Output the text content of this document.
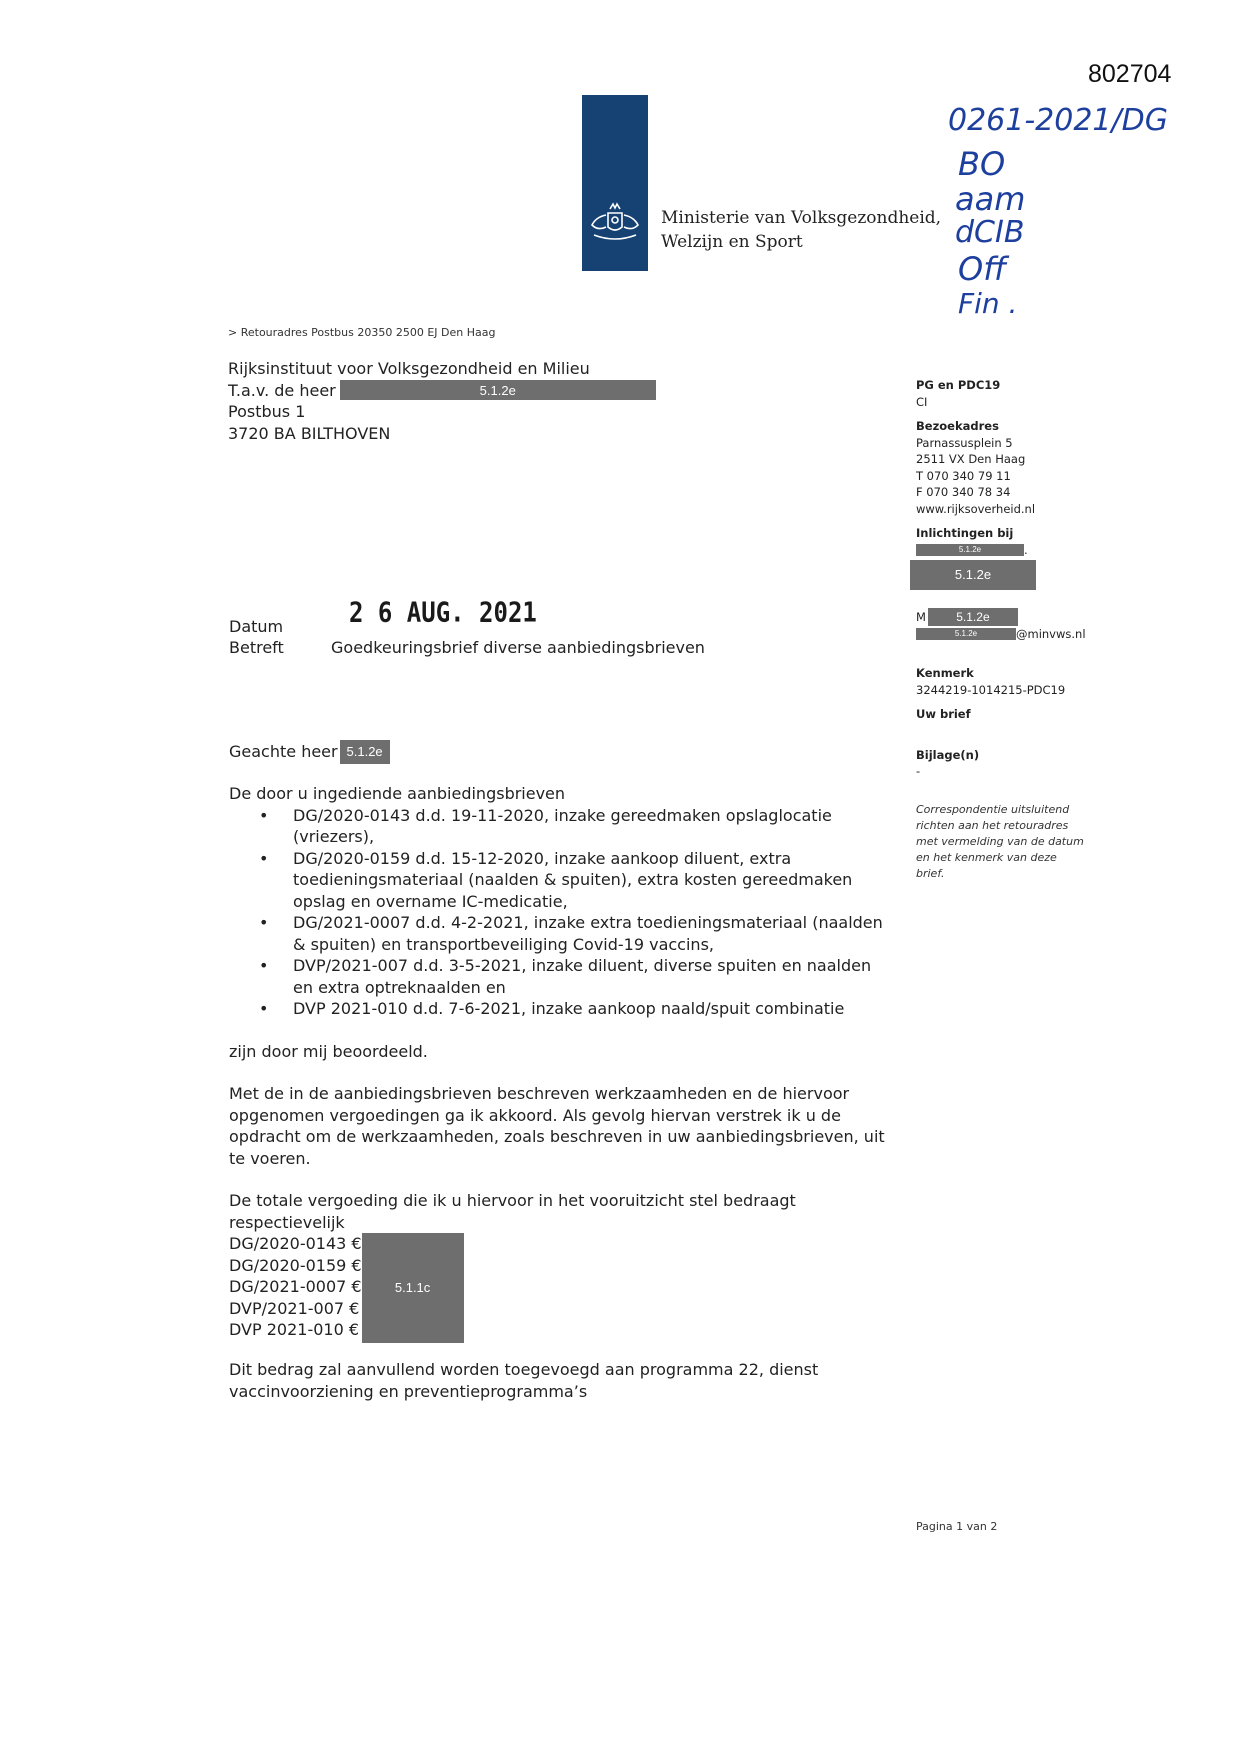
802704
0261-2021/DG
BO
aam
dCIB
Off
Fin .
Ministerie van Volksgezondheid,
Welzijn en Sport
> Retouradres Postbus 20350 2500 EJ Den Haag
Rijksinstituut voor Volksgezondheid en Milieu
T.a.v. de heer	5.1.2e
Postbus 1
3720 BA BILTHOVEN
PG en PDC19
CI
Bezoekadres
Parnassusplein 5
2511 VX Den Haag
T 070 340 79 11
F 070 340 78 34
www.rijksoverheid.nl
Inlichtingen bij
5.1.2e	.
5.1.2e
M	5.1.2e
5.1.2e	@minvws.nl
Kenmerk
3244219-1014215-PDC19
Uw brief
Bijlage(n)
-
Correspondentie uitsluitend richten aan het retouradres met vermelding van de datum en het kenmerk van deze brief.
Datum	2 6 AUG. 2021
Betreft	Goedkeuringsbrief diverse aanbiedingsbrieven
Geachte heer 5.1.2e
De door u ingediende aanbiedingsbrieven
• DG/2020-0143 d.d. 19-11-2020, inzake gereedmaken opslaglocatie (vriezers),
• DG/2020-0159 d.d. 15-12-2020, inzake aankoop diluent, extra toedieningsmateriaal (naalden & spuiten), extra kosten gereedmaken opslag en overname IC-medicatie,
• DG/2021-0007 d.d. 4-2-2021, inzake extra toedieningsmateriaal (naalden & spuiten) en transportbeveiliging Covid-19 vaccins,
• DVP/2021-007 d.d. 3-5-2021, inzake diluent, diverse spuiten en naalden en extra optreknaalden en
• DVP 2021-010 d.d. 7-6-2021, inzake aankoop naald/spuit combinatie
zijn door mij beoordeeld.
Met de in de aanbiedingsbrieven beschreven werkzaamheden en de hiervoor opgenomen vergoedingen ga ik akkoord. Als gevolg hiervan verstrek ik u de opdracht om de werkzaamheden, zoals beschreven in uw aanbiedingsbrieven, uit te voeren.
De totale vergoeding die ik u hiervoor in het vooruitzicht stel bedraagt respectievelijk
DG/2020-0143 €
DG/2020-0159 €
DG/2021-0007 €
DVP/2021-007 €
DVP 2021-010 €
5.1.1c
Dit bedrag zal aanvullend worden toegevoegd aan programma 22, dienst vaccinvoorziening en preventieprogramma’s
Pagina 1 van 2
